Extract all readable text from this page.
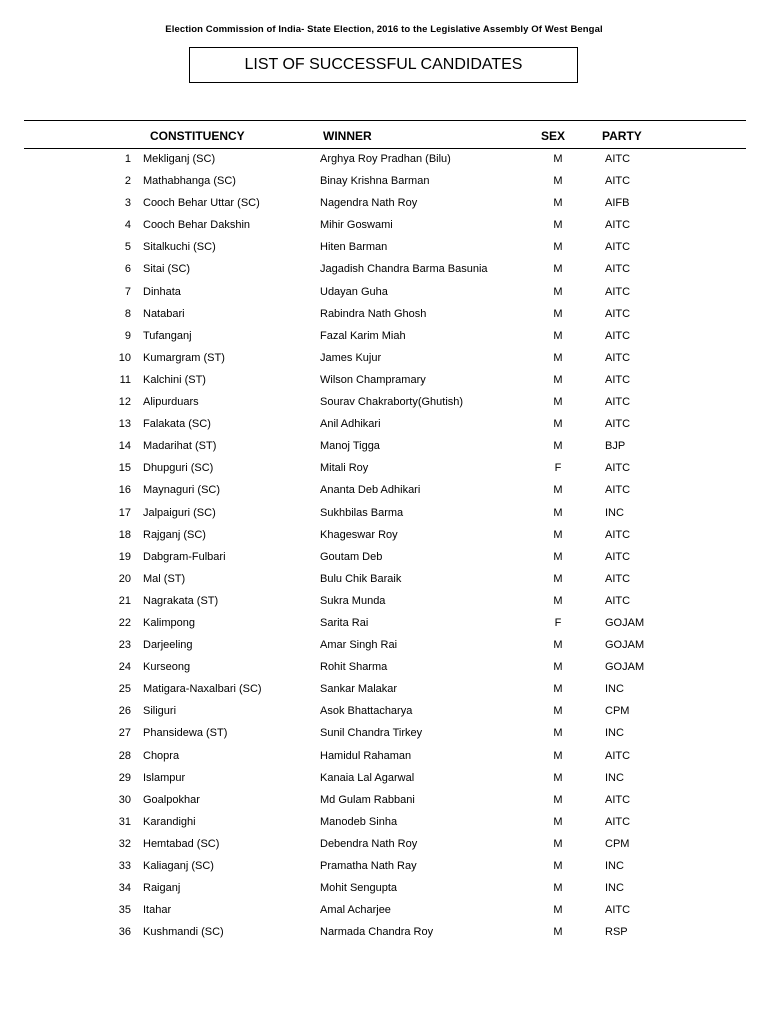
Election Commission of India- State Election, 2016 to the Legislative Assembly Of West Bengal
LIST OF SUCCESSFUL CANDIDATES
CONSTITUENCY	WINNER	SEX	PARTY
1 Mekliganj (SC)	Arghya Roy Pradhan (Bilu)	M	AITC
2 Mathabhanga (SC)	Binay Krishna Barman	M	AITC
3 Cooch Behar Uttar (SC)	Nagendra Nath Roy	M	AIFB
4 Cooch Behar Dakshin	Mihir Goswami	M	AITC
5 Sitalkuchi (SC)	Hiten Barman	M	AITC
6 Sitai (SC)	Jagadish Chandra Barma Basunia	M	AITC
7 Dinhata	Udayan Guha	M	AITC
8 Natabari	Rabindra Nath Ghosh	M	AITC
9 Tufanganj	Fazal Karim Miah	M	AITC
10 Kumargram (ST)	James Kujur	M	AITC
11 Kalchini (ST)	Wilson Champramary	M	AITC
12 Alipurduars	Sourav Chakraborty(Ghutish)	M	AITC
13 Falakata (SC)	Anil Adhikari	M	AITC
14 Madarihat (ST)	Manoj Tigga	M	BJP
15 Dhupguri (SC)	Mitali Roy	F	AITC
16 Maynaguri (SC)	Ananta Deb Adhikari	M	AITC
17 Jalpaiguri (SC)	Sukhbilas Barma	M	INC
18 Rajganj (SC)	Khageswar Roy	M	AITC
19 Dabgram-Fulbari	Goutam Deb	M	AITC
20 Mal (ST)	Bulu Chik Baraik	M	AITC
21 Nagrakata (ST)	Sukra Munda	M	AITC
22 Kalimpong	Sarita Rai	F	GOJAM
23 Darjeeling	Amar Singh Rai	M	GOJAM
24 Kurseong	Rohit Sharma	M	GOJAM
25 Matigara-Naxalbari (SC)	Sankar Malakar	M	INC
26 Siliguri	Asok Bhattacharya	M	CPM
27 Phansidewa (ST)	Sunil Chandra Tirkey	M	INC
28 Chopra	Hamidul Rahaman	M	AITC
29 Islampur	Kanaia Lal Agarwal	M	INC
30 Goalpokhar	Md Gulam Rabbani	M	AITC
31 Karandighi	Manodeb Sinha	M	AITC
32 Hemtabad (SC)	Debendra Nath Roy	M	CPM
33 Kaliaganj (SC)	Pramatha Nath Ray	M	INC
34 Raiganj	Mohit Sengupta	M	INC
35 Itahar	Amal Acharjee	M	AITC
36 Kushmandi (SC)	Narmada Chandra Roy	M	RSP
